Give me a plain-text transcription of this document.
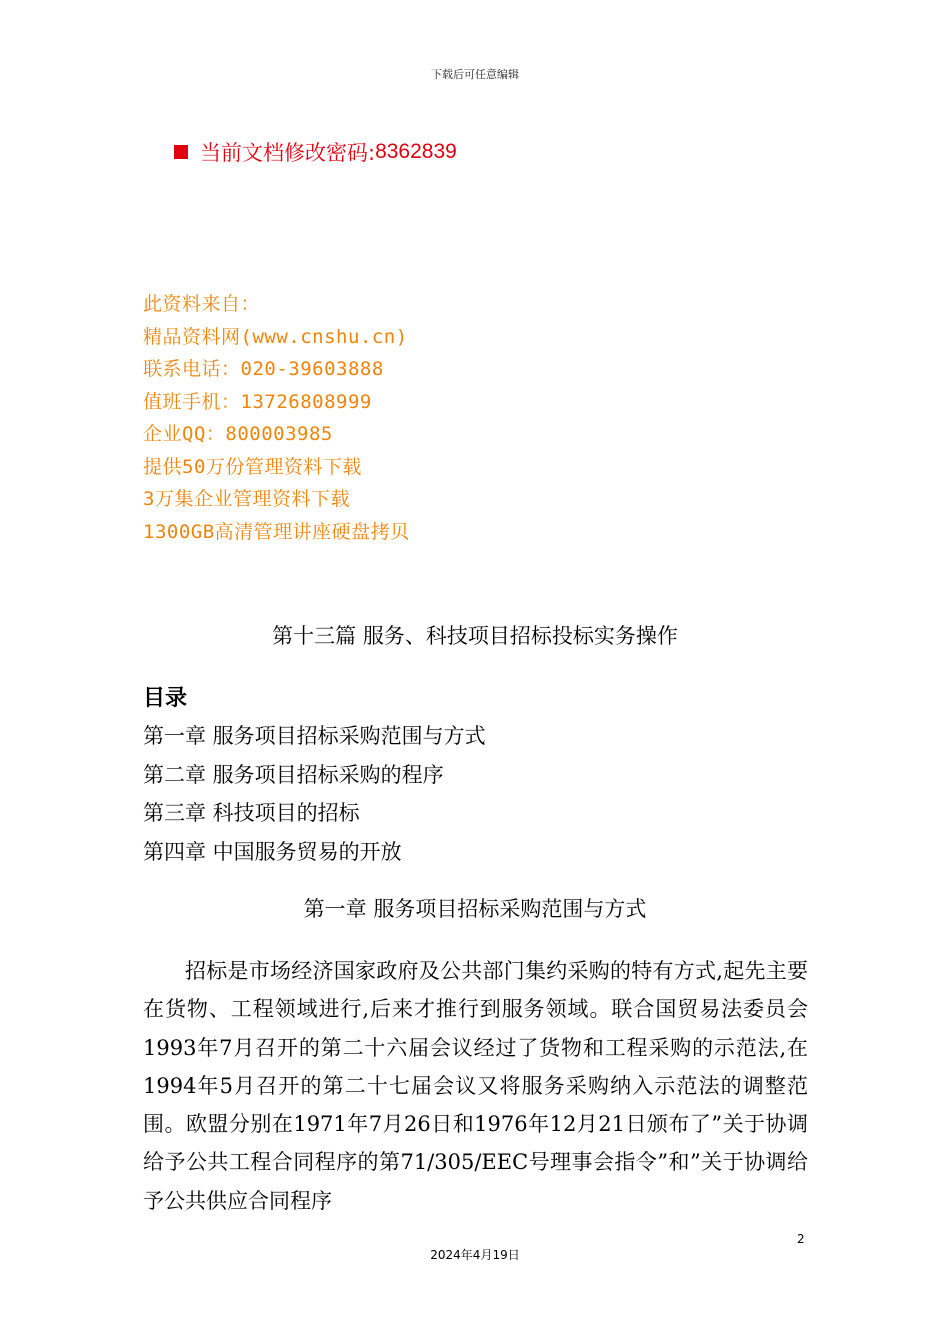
下载后可任意编辑
当前文档修改密码: 8362839
此资料来自：
精品资料网(www.cnshu.cn)
联系电话：020-39603888
值班手机：13726808999
企业QQ：800003985
提供50万份管理资料下载
3万集企业管理资料下载
1300GB高清管理讲座硬盘拷贝
第十三篇 服务、科技项目招标投标实务操作
目录
第一章 服务项目招标采购范围与方式
第二章 服务项目招标采购的程序
第三章 科技项目的招标
第四章 中国服务贸易的开放
第一章 服务项目招标采购范围与方式
招标是市场经济国家政府及公共部门集约采购的特有方式,起先主要在货物、工程领域进行,后来才推行到服务领域。联合国贸易法委员会1993年7月召开的第二十六届会议经过了货物和工程采购的示范法,在1994年5月召开的第二十七届会议又将服务采购纳入示范法的调整范围。欧盟分别在1971年7月26日和1976年12月21日颁布了”关于协调给予公共工程合同程序的第71/305/EEC号理事会指令”和”关于协调给予公共供应合同程序
2
2024年4月19日
